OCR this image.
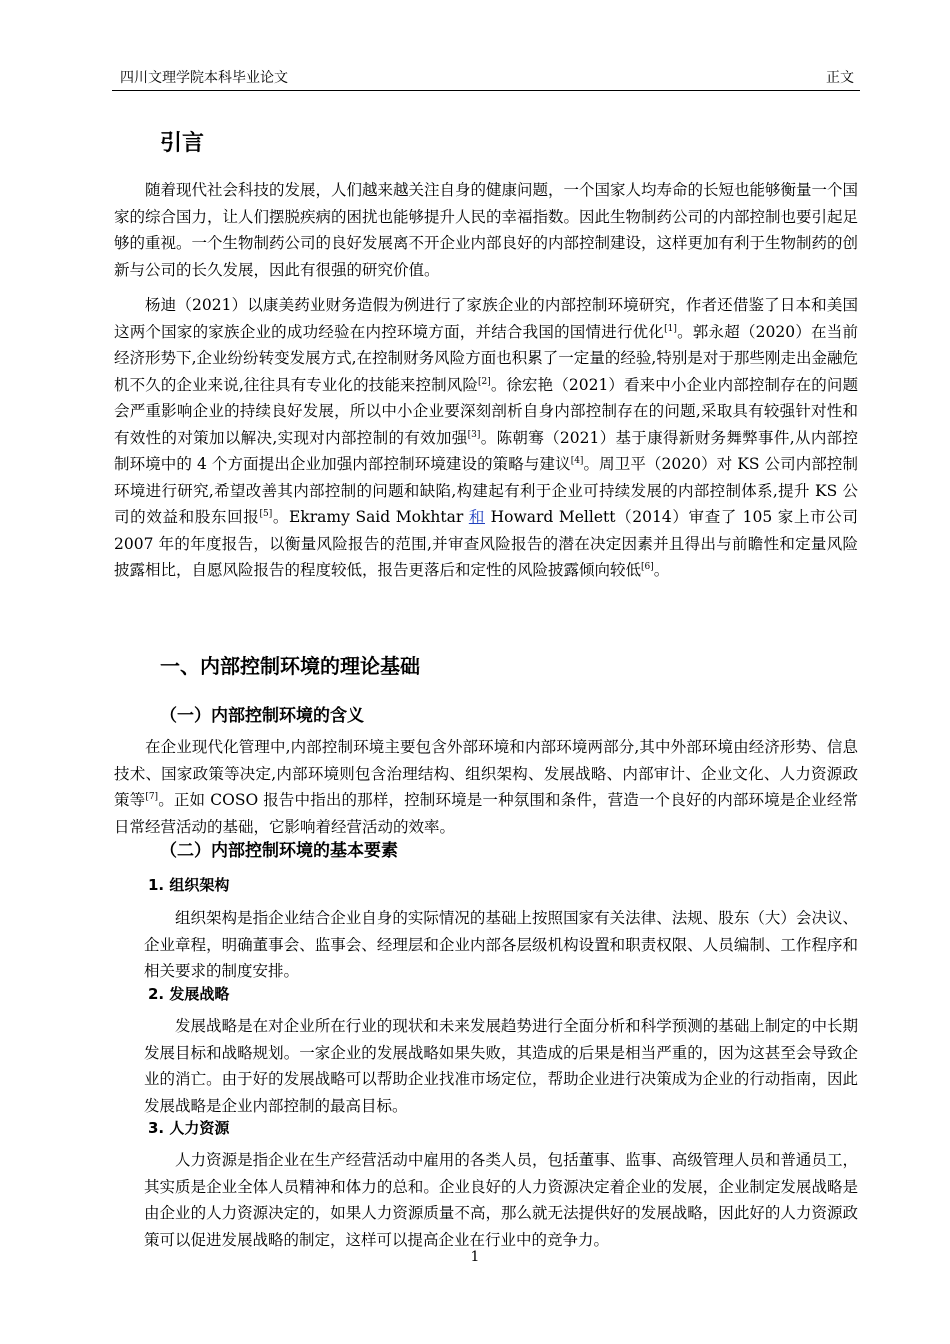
四川文理学院本科毕业论文	正文
引言

随着现代社会科技的发展，人们越来越关注自身的健康问题，一个国家人均寿命的长短也能够衡量一个国家的综合国力，让人们摆脱疾病的困扰也能够提升人民的幸福指数。因此生物制药公司的内部控制也要引起足够的重视。一个生物制药公司的良好发展离不开企业内部良好的内部控制建设，这样更加有利于生物制药的创新与公司的长久发展，因此有很强的研究价值。

杨迪（2021）以康美药业财务造假为例进行了家族企业的内部控制环境研究，作者还借鉴了日本和美国这两个国家的家族企业的成功经验在内控环境方面，并结合我国的国情进行优化[1]。郭永超（2020）在当前经济形势下,企业纷纷转变发展方式,在控制财务风险方面也积累了一定量的经验,特别是对于那些刚走出金融危机不久的企业来说,往往具有专业化的技能来控制风险[2]。徐宏艳（2021）看来中小企业内部控制存在的问题会严重影响企业的持续良好发展，所以中小企业要深刻剖析自身内部控制存在的问题,采取具有较强针对性和有效性的对策加以解决,实现对内部控制的有效加强[3]。陈朝骞（2021）基于康得新财务舞弊事件,从内部控制环境中的 4 个方面提出企业加强内部控制环境建设的策略与建议[4]。周卫平（2020）对 KS 公司内部控制环境进行研究,希望改善其内部控制的问题和缺陷,构建起有利于企业可持续发展的内部控制体系,提升 KS 公司的效益和股东回报[5]。Ekramy Said Mokhtar 和 Howard Mellett（2014）审查了 105 家上市公司 2007 年的年度报告，以衡量风险报告的范围,并审查风险报告的潜在决定因素并且得出与前瞻性和定量风险披露相比，自愿风险报告的程度较低，报告更落后和定性的风险披露倾向较低[6]。

一、内部控制环境的理论基础
（一）内部控制环境的含义

在企业现代化管理中,内部控制环境主要包含外部环境和内部环境两部分,其中外部环境由经济形势、信息技术、国家政策等决定,内部环境则包含治理结构、组织架构、发展战略、内部审计、企业文化、人力资源政策等[7]。正如 COSO 报告中指出的那样，控制环境是一种氛围和条件，营造一个良好的内部环境是企业经常日常经营活动的基础，它影响着经营活动的效率。

（二）内部控制环境的基本要素
1. 组织架构

组织架构是指企业结合企业自身的实际情况的基础上按照国家有关法律、法规、股东（大）会决议、企业章程，明确董事会、监事会、经理层和企业内部各层级机构设置和职责权限、人员编制、工作程序和相关要求的制度安排。

2. 发展战略

发展战略是在对企业所在行业的现状和未来发展趋势进行全面分析和科学预测的基础上制定的中长期发展目标和战略规划。一家企业的发展战略如果失败，其造成的后果是相当严重的，因为这甚至会导致企业的消亡。由于好的发展战略可以帮助企业找准市场定位，帮助企业进行决策成为企业的行动指南，因此发展战略是企业内部控制的最高目标。

3. 人力资源

人力资源是指企业在生产经营活动中雇用的各类人员，包括董事、监事、高级管理人员和普通员工，其实质是企业全体人员精神和体力的总和。企业良好的人力资源决定着企业的发展，企业制定发展战略是由企业的人力资源决定的，如果人力资源质量不高，那么就无法提供好的发展战略，因此好的人力资源政策可以促进发展战略的制定，这样可以提高企业在行业中的竞争力。

1
